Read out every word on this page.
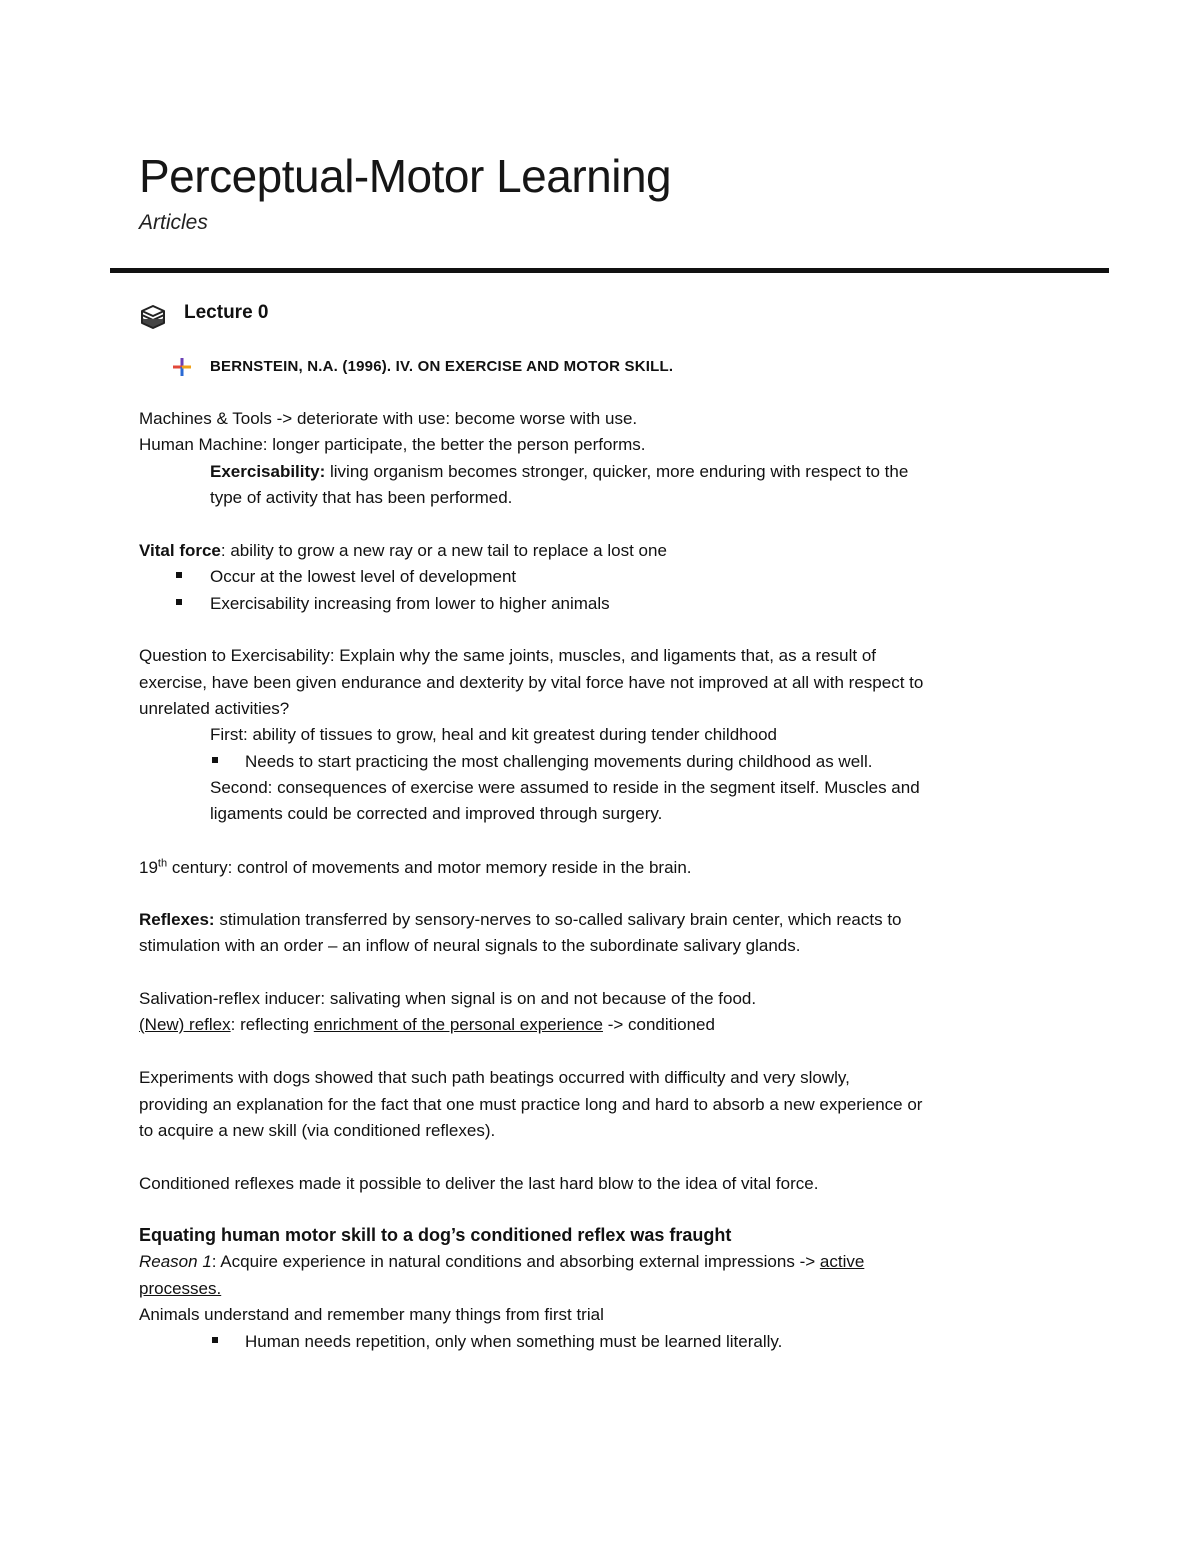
Perceptual-Motor Learning
Articles
Lecture 0
BERNSTEIN, N.A. (1996). IV. ON EXERCISE AND MOTOR SKILL.
Machines & Tools -> deteriorate with use: become worse with use.
Human Machine: longer participate, the better the person performs.
Exercisability: living organism becomes stronger, quicker, more enduring with respect to the
type of activity that has been performed.
Vital force: ability to grow a new ray or a new tail to replace a lost one
Occur at the lowest level of development
Exercisability increasing from lower to higher animals
Question to Exercisability: Explain why the same joints, muscles, and ligaments that, as a result of
exercise, have been given endurance and dexterity by vital force have not improved at all with respect to
unrelated activities?
First: ability of tissues to grow, heal and kit greatest during tender childhood
Needs to start practicing the most challenging movements during childhood as well.
Second: consequences of exercise were assumed to reside in the segment itself. Muscles and
ligaments could be corrected and improved through surgery.
19th century: control of movements and motor memory reside in the brain.
Reflexes: stimulation transferred by sensory-nerves to so-called salivary brain center, which reacts to
stimulation with an order – an inflow of neural signals to the subordinate salivary glands.
Salivation-reflex inducer: salivating when signal is on and not because of the food.
(New) reflex: reflecting enrichment of the personal experience -> conditioned
Experiments with dogs showed that such path beatings occurred with difficulty and very slowly,
providing an explanation for the fact that one must practice long and hard to absorb a new experience or
to acquire a new skill (via conditioned reflexes).
Conditioned reflexes made it possible to deliver the last hard blow to the idea of vital force.
Equating human motor skill to a dog’s conditioned reflex was fraught
Reason 1: Acquire experience in natural conditions and absorbing external impressions -> active
processes.
Animals understand and remember many things from first trial
Human needs repetition, only when something must be learned literally.
